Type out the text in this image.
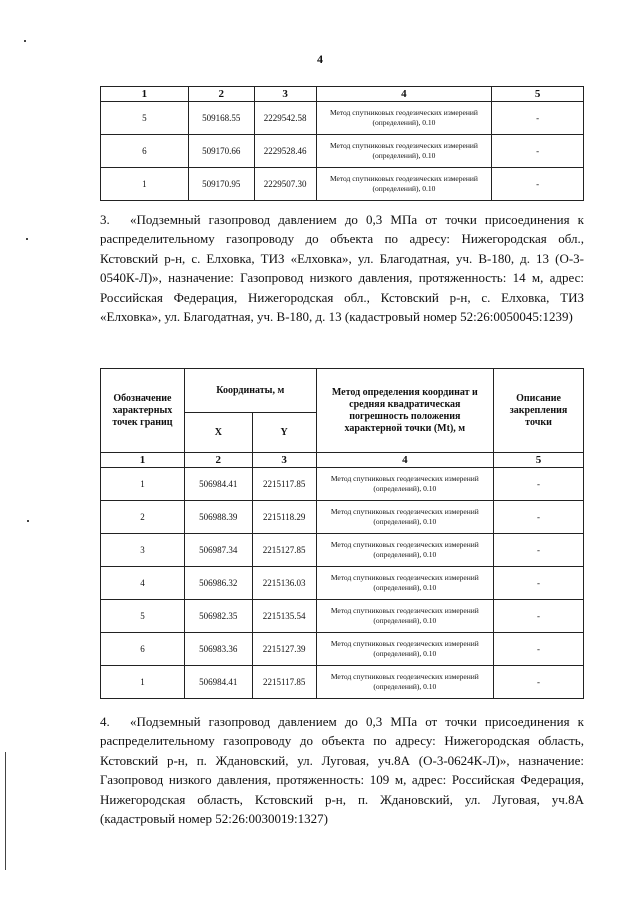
4
1	2	3	4	5
5	509168.55	2229542.58	Метод спутниковых геодезических измерений (определений), 0.10	-
6	509170.66	2229528.46	Метод спутниковых геодезических измерений (определений), 0.10	-
1	509170.95	2229507.30	Метод спутниковых геодезических измерений (определений), 0.10	-
3. «Подземный газопровод давлением до 0,3 МПа от точки присоединения к распределительному газопроводу до объекта по адресу: Нижегородская обл., Кстовский р-н, с. Елховка, ТИЗ «Елховка», ул. Благодатная, уч. В-180, д. 13 (О-3-0540К-Л)», назначение: Газопровод низкого давления, протяженность: 14 м, адрес: Российская Федерация, Нижегородская обл., Кстовский р-н, с. Елховка, ТИЗ «Елховка», ул. Благодатная, уч. В-180, д. 13 (кадастровый номер 52:26:0050045:1239)
Обозначение характерных точек границ	Координаты, м		Метод определения координат и средняя квадратическая погрешность положения характерной точки (Mt), м	Описание закрепления точки
	X	Y		
1	2	3	4	5
1	506984.41	2215117.85	Метод спутниковых геодезических измерений (определений), 0.10	-
2	506988.39	2215118.29	Метод спутниковых геодезических измерений (определений), 0.10	-
3	506987.34	2215127.85	Метод спутниковых геодезических измерений (определений), 0.10	-
4	506986.32	2215136.03	Метод спутниковых геодезических измерений (определений), 0.10	-
5	506982.35	2215135.54	Метод спутниковых геодезических измерений (определений), 0.10	-
6	506983.36	2215127.39	Метод спутниковых геодезических измерений (определений), 0.10	-
1	506984.41	2215117.85	Метод спутниковых геодезических измерений (определений), 0.10	-
4. «Подземный газопровод давлением до 0,3 МПа от точки присоединения к распределительному газопроводу до объекта по адресу: Нижегородская область, Кстовский р-н, п. Ждановский, ул. Луговая, уч.8А (О-3-0624К-Л)», назначение: Газопровод низкого давления, протяженность: 109 м, адрес: Российская Федерация, Нижегородская область, Кстовский р-н, п. Ждановский, ул. Луговая, уч.8А (кадастровый номер 52:26:0030019:1327)
